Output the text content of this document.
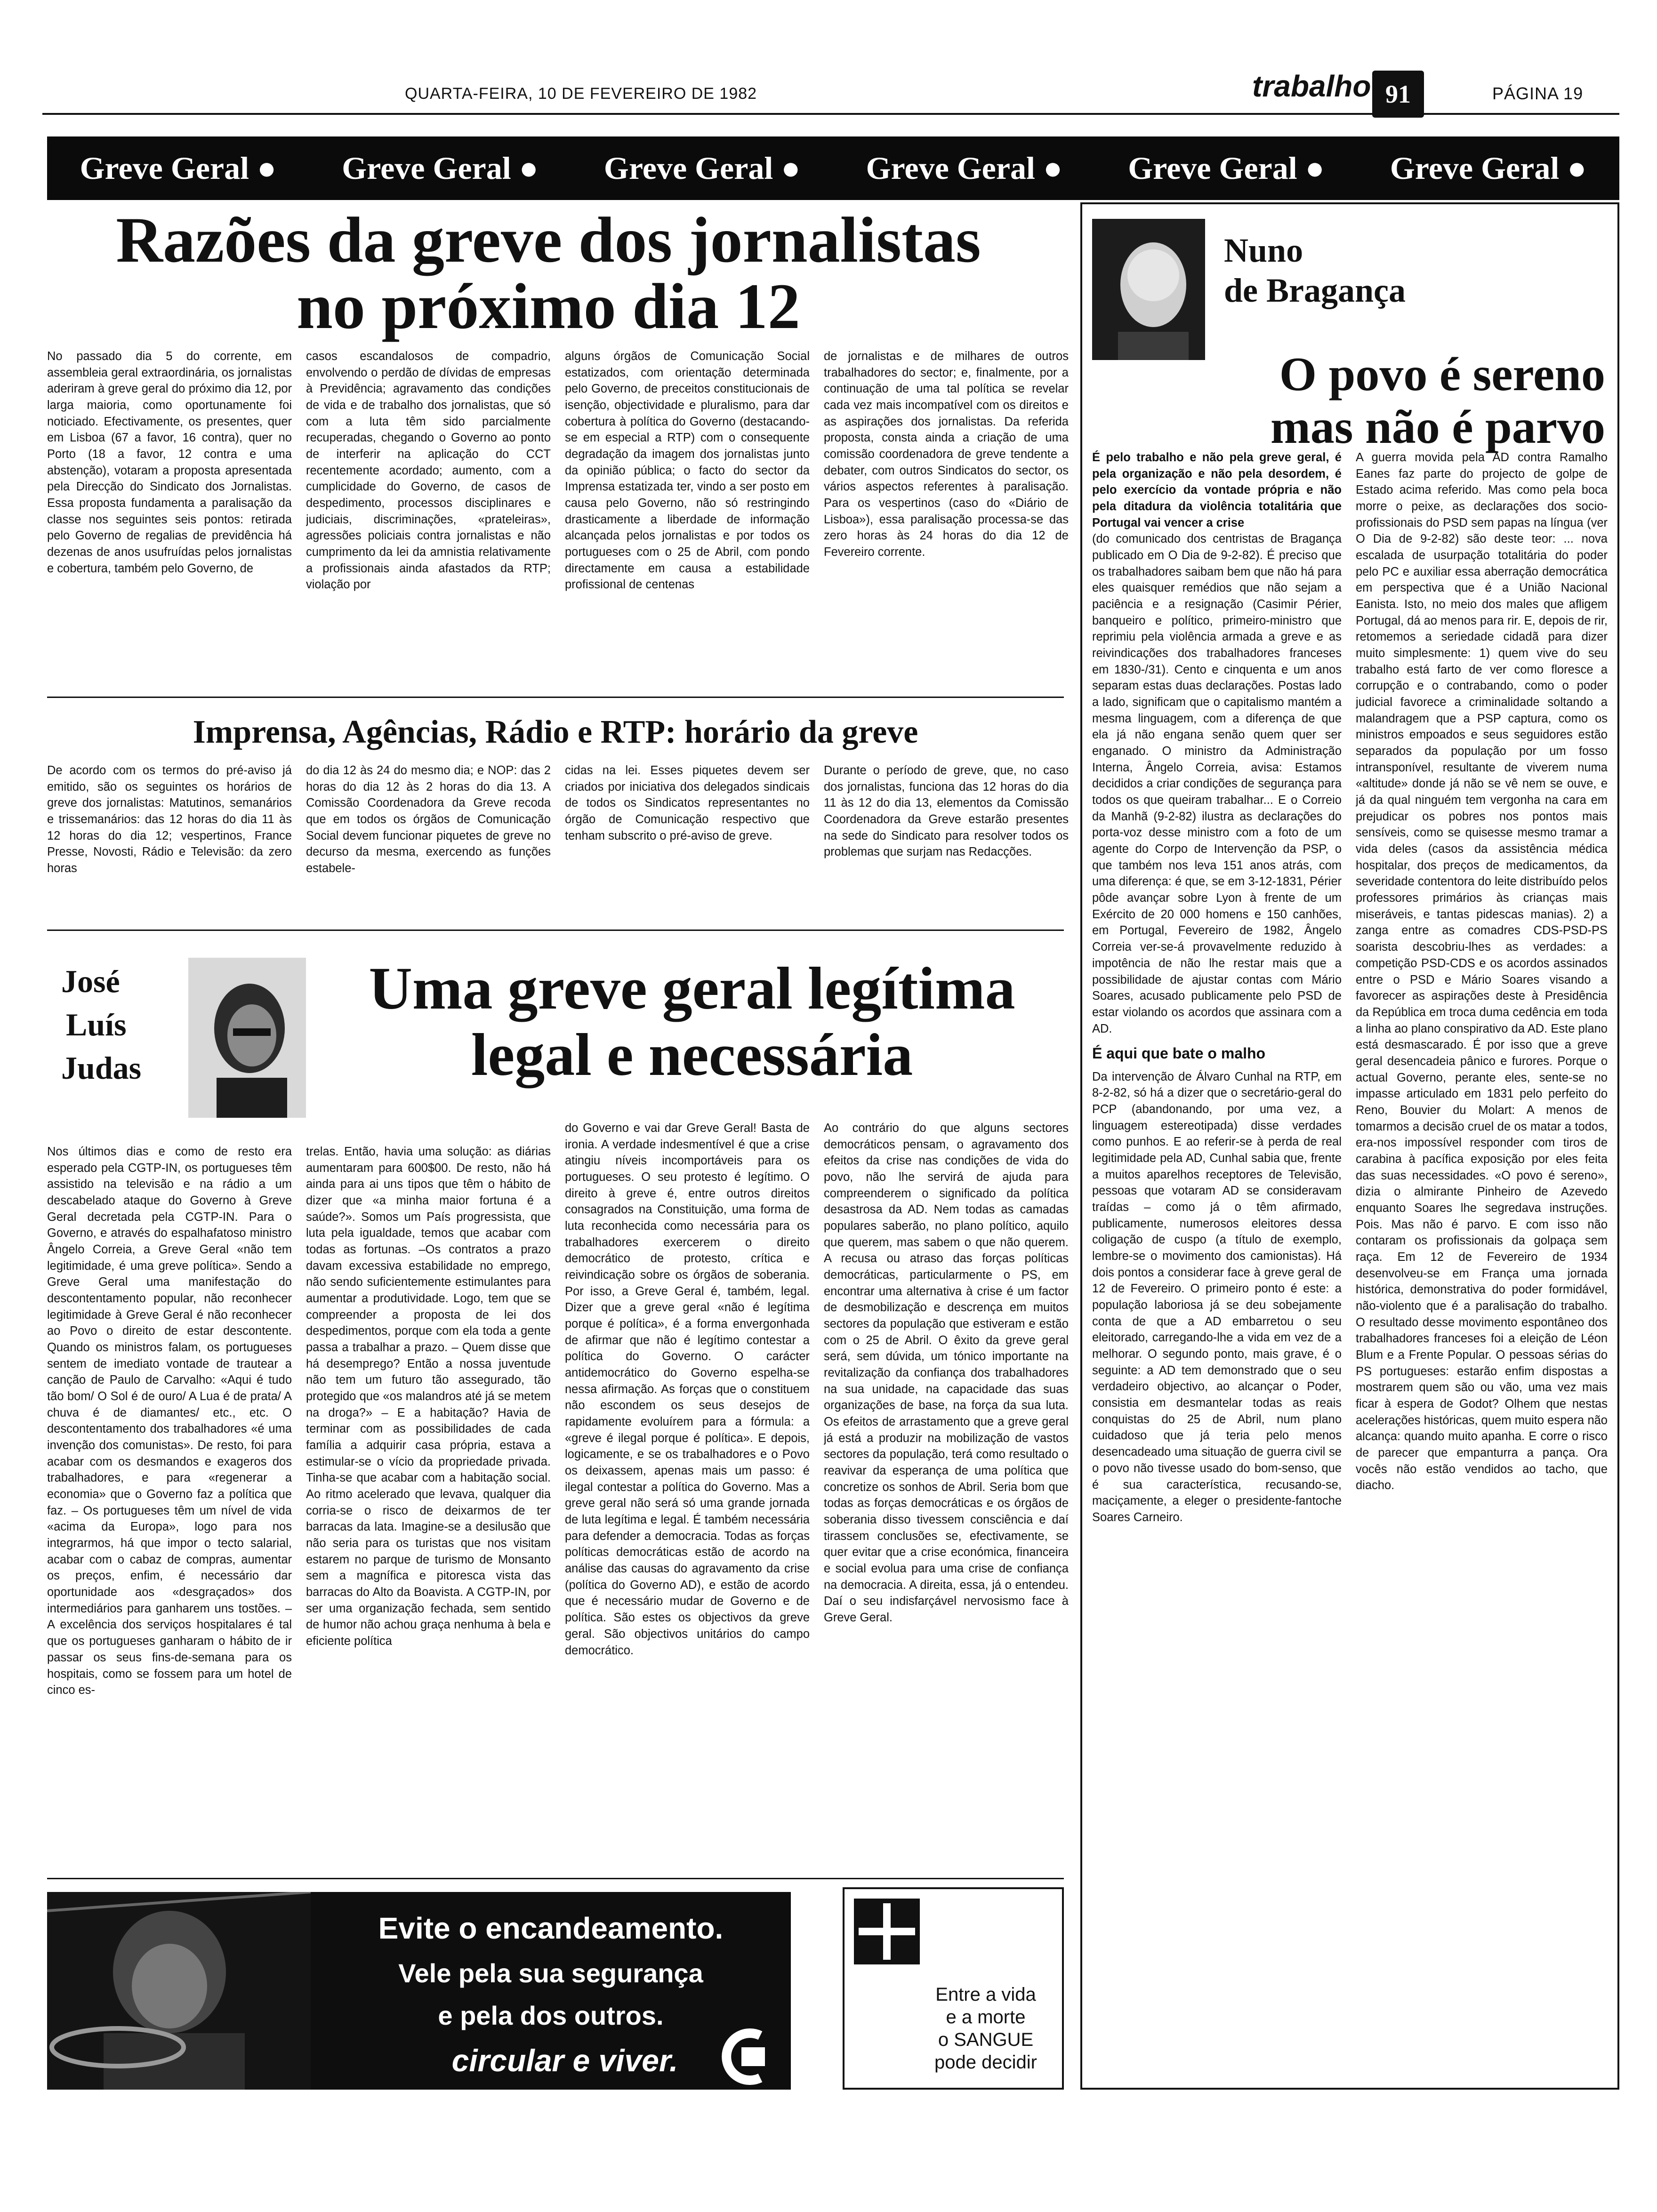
QUARTA-FEIRA, 10 DE FEVEREIRO DE 1982	trabalho 91	PÁGINA 19
Greve Geral ● Greve Geral ● Greve Geral ● Greve Geral ● Greve Geral ● Greve Geral ●
Razões da greve dos jornalistas
no próximo dia 12

No passado dia 5 do corrente, em assembleia geral extraordinária, os jornalistas aderiram à greve geral do próximo dia 12, por larga maioria, como oportunamente foi noticiado. Efectivamente, os presentes, quer em Lisboa (67 a favor, 16 contra), quer no Porto (18 a favor, 12 contra e uma abstenção), votaram a proposta apresentada pela Direcção do Sindicato dos Jornalistas. Essa proposta fundamenta a paralisação da classe nos seguintes seis pontos: retirada pelo Governo de regalias de previdência há dezenas de anos usufruídas pelos jornalistas e cobertura, também pelo Governo, de

casos escandalosos de compadrio, envolvendo o perdão de dívidas de empresas à Previdência; agravamento das condições de vida e de trabalho dos jornalistas, que só com a luta têm sido parcialmente recuperadas, chegando o Governo ao ponto de interferir na aplicação do CCT recentemente acordado; aumento, com a cumplicidade do Governo, de casos de despedimento, processos disciplinares e judiciais, discriminações, «prateleiras», agressões policiais contra jornalistas e não cumprimento da lei da amnistia relativamente a profissionais ainda afastados da RTP; violação por

alguns órgãos de Comunicação Social estatizados, com orientação determinada pelo Governo, de preceitos constitucionais de isenção, objectividade e pluralismo, para dar cobertura à política do Governo (destacando-se em especial a RTP) com o consequente degradação da imagem dos jornalistas junto da opinião pública; o facto do sector da Imprensa estatizada ter, vindo a ser posto em causa pelo Governo, não só restringindo drasticamente a liberdade de informação alcançada pelos jornalistas e por todos os portugueses com o 25 de Abril, com pondo directamente em causa a estabilidade profissional de centenas

de jornalistas e de milhares de outros trabalhadores do sector; e, finalmente, por a continuação de uma tal política se revelar cada vez mais incompatível com os direitos e as aspirações dos jornalistas. Da referida proposta, consta ainda a criação de uma comissão coordenadora de greve tendente a debater, com outros Sindicatos do sector, os vários aspectos referentes à paralisação. Para os vespertinos (caso do «Diário de Lisboa»), essa paralisação processa-se das zero horas às 24 horas do dia 12 de Fevereiro corrente.

Imprensa, Agências, Rádio e RTP: horário da greve

De acordo com os termos do pré-aviso já emitido, são os seguintes os horários de greve dos jornalistas: Matutinos, semanários e trissemanários: das 12 horas do dia 11 às 12 horas do dia 12; vespertinos, France Presse, Novosti, Rádio e Televisão: da zero horas

do dia 12 às 24 do mesmo dia; e NOP: das 2 horas do dia 12 às 2 horas do dia 13. A Comissão Coordenadora da Greve recoda que em todos os órgãos de Comunicação Social devem funcionar piquetes de greve no decurso da mesma, exercendo as funções estabele-

cidas na lei. Esses piquetes devem ser criados por iniciativa dos delegados sindicais de todos os Sindicatos representantes no órgão de Comunicação respectivo que tenham subscrito o pré-aviso de greve.

Durante o período de greve, que, no caso dos jornalistas, funciona das 12 horas do dia 11 às 12 do dia 13, elementos da Comissão Coordenadora da Greve estarão presentes na sede do Sindicato para resolver todos os problemas que surjam nas Redacções.

José
Luís
Judas
Uma greve geral legítima
legal e necessária

Nos últimos dias e como de resto era esperado pela CGTP-IN, os portugueses têm assistido na televisão e na rádio a um descabelado ataque do Governo à Greve Geral decretada pela CGTP-IN. Para o Governo, e através do espalhafatoso ministro Ângelo Correia, a Greve Geral «não tem legitimidade, é uma greve política». Sendo a Greve Geral uma manifestação do descontentamento popular, não reconhecer legitimidade à Greve Geral é não reconhecer ao Povo o direito de estar descontente. Quando os ministros falam, os portugueses sentem de imediato vontade de trautear a canção de Paulo de Carvalho: «Aqui é tudo tão bom/ O Sol é de ouro/ A Lua é de prata/ A chuva é de diamantes/ etc., etc. O descontentamento dos trabalhadores «é uma invenção dos comunistas». De resto, foi para acabar com os desmandos e exageros dos trabalhadores, e para «regenerar a economia» que o Governo faz a política que faz. – Os portugueses têm um nível de vida «acima da Europa», logo para nos integrarmos, há que impor o tecto salarial, acabar com o cabaz de compras, aumentar os preços, enfim, é necessário dar oportunidade aos «desgraçados» dos intermediários para ganharem uns tostões. – A excelência dos serviços hospitalares é tal que os portugueses ganharam o hábito de ir passar os seus fins-de-semana para os hospitais, como se fossem para um hotel de cinco es-

trelas. Então, havia uma solução: as diárias aumentaram para 600$00. De resto, não há ainda para ai uns tipos que têm o hábito de dizer que «a minha maior fortuna é a saúde?». Somos um País progressista, que luta pela igualdade, temos que acabar com todas as fortunas. –Os contratos a prazo davam excessiva estabilidade no emprego, não sendo suficientemente estimulantes para aumentar a produtividade. Logo, tem que se compreender a proposta de lei dos despedimentos, porque com ela toda a gente passa a trabalhar a prazo. – Quem disse que há desemprego? Então a nossa juventude não tem um futuro tão assegurado, tão protegido que «os malandros até já se metem na droga?» – E a habitação? Havia de terminar com as possibilidades de cada família a adquirir casa própria, estava a estimular-se o vício da propriedade privada. Tinha-se que acabar com a habitação social. Ao ritmo acelerado que levava, qualquer dia corria-se o risco de deixarmos de ter barracas da lata. Imagine-se a desilusão que não seria para os turistas que nos visitam estarem no parque de turismo de Monsanto sem a magnífica e pitoresca vista das barracas do Alto da Boavista. A CGTP-IN, por ser uma organização fechada, sem sentido de humor não achou graça nenhuma à bela e eficiente política

do Governo e vai dar Greve Geral! Basta de ironia. A verdade indesmentível é que a crise atingiu níveis incomportáveis para os portugueses. O seu protesto é legítimo. O direito à greve é, entre outros direitos consagrados na Constituição, uma forma de luta reconhecida como necessária para os trabalhadores exercerem o direito democrático de protesto, crítica e reivindicação sobre os órgãos de soberania. Por isso, a Greve Geral é, também, legal. Dizer que a greve geral «não é legítima porque é política», é a forma envergonhada de afirmar que não é legítimo contestar a política do Governo. O carácter antidemocrático do Governo espelha-se nessa afirmação. As forças que o constituem não escondem os seus desejos de rapidamente evoluírem para a fórmula: a «greve é ilegal porque é política». E depois, logicamente, e se os trabalhadores e o Povo os deixassem, apenas mais um passo: é ilegal contestar a política do Governo. Mas a greve geral não será só uma grande jornada de luta legítima e legal. É também necessária para defender a democracia. Todas as forças políticas democráticas estão de acordo na análise das causas do agravamento da crise (política do Governo AD), e estão de acordo que é necessário mudar de Governo e de política. São estes os objectivos da greve geral. São objectivos unitários do campo democrático.

Ao contrário do que alguns sectores democráticos pensam, o agravamento dos efeitos da crise nas condições de vida do povo, não lhe servirá de ajuda para compreenderem o significado da política desastrosa da AD. Nem todas as camadas populares saberão, no plano político, aquilo que querem, mas sabem o que não querem. A recusa ou atraso das forças políticas democráticas, particularmente o PS, em encontrar uma alternativa à crise é um factor de desmobilização e descrença em muitos sectores da população que estiveram e estão com o 25 de Abril. O êxito da greve geral será, sem dúvida, um tónico importante na revitalização da confiança dos trabalhadores na sua unidade, na capacidade das suas organizações de base, na força da sua luta. Os efeitos de arrastamento que a greve geral já está a produzir na mobilização de vastos sectores da população, terá como resultado o reavivar da esperança de uma política que concretize os sonhos de Abril. Seria bom que todas as forças democráticas e os órgãos de soberania disso tivessem consciência e daí tirassem conclusões se, efectivamente, se quer evitar que a crise económica, financeira e social evolua para uma crise de confiança na democracia. A direita, essa, já o entendeu. Daí o seu indisfarçável nervosismo face à Greve Geral.

Nuno
de Bragança
O povo é sereno
mas não é parvo

É pelo trabalho e não pela greve geral, é pela organização e não pela desordem, é pelo exercício da vontade própria e não pela ditadura da violência totalitária que Portugal vai vencer a crise

(do comunicado dos centristas de Bragança publicado em O Dia de 9-2-82). É preciso que os trabalhadores saibam bem que não há para eles quaisquer remédios que não sejam a paciência e a resignação (Casimir Périer, banqueiro e político, primeiro-ministro que reprimiu pela violência armada a greve e as reivindicações dos trabalhadores franceses em 1830-/31). Cento e cinquenta e um anos separam estas duas declarações. Postas lado a lado, significam que o capitalismo mantém a mesma linguagem, com a diferença de que ela já não engana senão quem quer ser enganado. O ministro da Administração Interna, Ângelo Correia, avisa: Estamos decididos a criar condições de segurança para todos os que queiram trabalhar... E o Correio da Manhã (9-2-82) ilustra as declarações do porta-voz desse ministro com a foto de um agente do Corpo de Intervenção da PSP, o que também nos leva 151 anos atrás, com uma diferença: é que, se em 3-12-1831, Périer pôde avançar sobre Lyon à frente de um Exército de 20 000 homens e 150 canhões, em Portugal, Fevereiro de 1982, Ângelo Correia ver-se-á provavelmente reduzido à impotência de não lhe restar mais que a possibilidade de ajustar contas com Mário Soares, acusado publicamente pelo PSD de estar violando os acordos que assinara com a AD.

É aqui que bate o malho

Da intervenção de Álvaro Cunhal na RTP, em 8-2-82, só há a dizer que o secretário-geral do PCP (abandonando, por uma vez, a linguagem estereotipada) disse verdades como punhos. E ao referir-se à perda de real legitimidade pela AD, Cunhal sabia que, frente a muitos aparelhos receptores de Televisão, pessoas que votaram AD se consideravam traídas – como já o têm afirmado, publicamente, numerosos eleitores dessa coligação de cuspo (a título de exemplo, lembre-se o movimento dos camionistas). Há dois pontos a considerar face à greve geral de 12 de Fevereiro. O primeiro ponto é este: a população laboriosa já se deu sobejamente conta de que a AD embarretou o seu eleitorado, carregando-lhe a vida em vez de a melhorar. O segundo ponto, mais grave, é o seguinte: a AD tem demonstrado que o seu verdadeiro objectivo, ao alcançar o Poder, consistia em desmantelar todas as reais conquistas do 25 de Abril, num plano cuidadoso que já teria pelo menos desencadeado uma situação de guerra civil se o povo não tivesse usado do bom-senso, que é sua característica, recusando-se, maciçamente, a eleger o presidente-fantoche Soares Carneiro.

A guerra movida pela AD contra Ramalho Eanes faz parte do projecto de golpe de Estado acima referido. Mas como pela boca morre o peixe, as declarações dos socio-profissionais do PSD sem papas na língua (ver O Dia de 9-2-82) são deste teor: ... nova escalada de usurpação totalitária do poder pelo PC e auxiliar essa aberração democrática em perspectiva que é a União Nacional Eanista. Isto, no meio dos males que afligem Portugal, dá ao menos para rir. E, depois de rir, retomemos a seriedade cidadã para dizer muito simplesmente: 1) quem vive do seu trabalho está farto de ver como floresce a corrupção e o contrabando, como o poder judicial favorece a criminalidade soltando a malandragem que a PSP captura, como os ministros empoados e seus seguidores estão separados da população por um fosso intransponível, resultante de viverem numa «altitude» donde já não se vê nem se ouve, e já da qual ninguém tem vergonha na cara em prejudicar os pobres nos pontos mais sensíveis, como se quisesse mesmo tramar a vida deles (casos da assistência médica hospitalar, dos preços de medicamentos, da severidade contentora do leite distribuído pelos professores primários às crianças mais miseráveis, e tantas pidescas manias). 2) a zanga entre as comadres CDS-PSD-PS soarista descobriu-lhes as verdades: a competição PSD-CDS e os acordos assinados entre o PSD e Mário Soares visando a favorecer as aspirações deste à Presidência da República em troca duma cedência em toda a linha ao plano conspirativo da AD. Este plano está desmascarado. É por isso que a greve geral desencadeia pânico e furores. Porque o actual Governo, perante eles, sente-se no impasse articulado em 1831 pelo perfeito do Reno, Bouvier du Molart: A menos de tomarmos a decisão cruel de os matar a todos, era-nos impossível responder com tiros de carabina à pacífica exposição por eles feita das suas necessidades. «O povo é sereno», dizia o almirante Pinheiro de Azevedo enquanto Soares lhe segredava instruções. Pois. Mas não é parvo. E com isso não contaram os profissionais da golpaça sem raça. Em 12 de Fevereiro de 1934 desenvolveu-se em França uma jornada histórica, demonstrativa do poder formidável, não-violento que é a paralisação do trabalho. O resultado desse movimento espontâneo dos trabalhadores franceses foi a eleição de Léon Blum e a Frente Popular. O pessoas sérias do PS portugueses: estarão enfim dispostas a mostrarem quem são ou vão, uma vez mais ficar à espera de Godot? Olhem que nestas acelerações históricas, quem muito espera não alcança: quando muito apanha. E corre o risco de parecer que empanturra a pança. Ora vocês não estão vendidos ao tacho, que diacho.

Evite o encandeamento.
Vele pela sua segurança
e pela dos outros.
circular e viver.
Entre a vida
e a morte
o SANGUE
pode decidir
